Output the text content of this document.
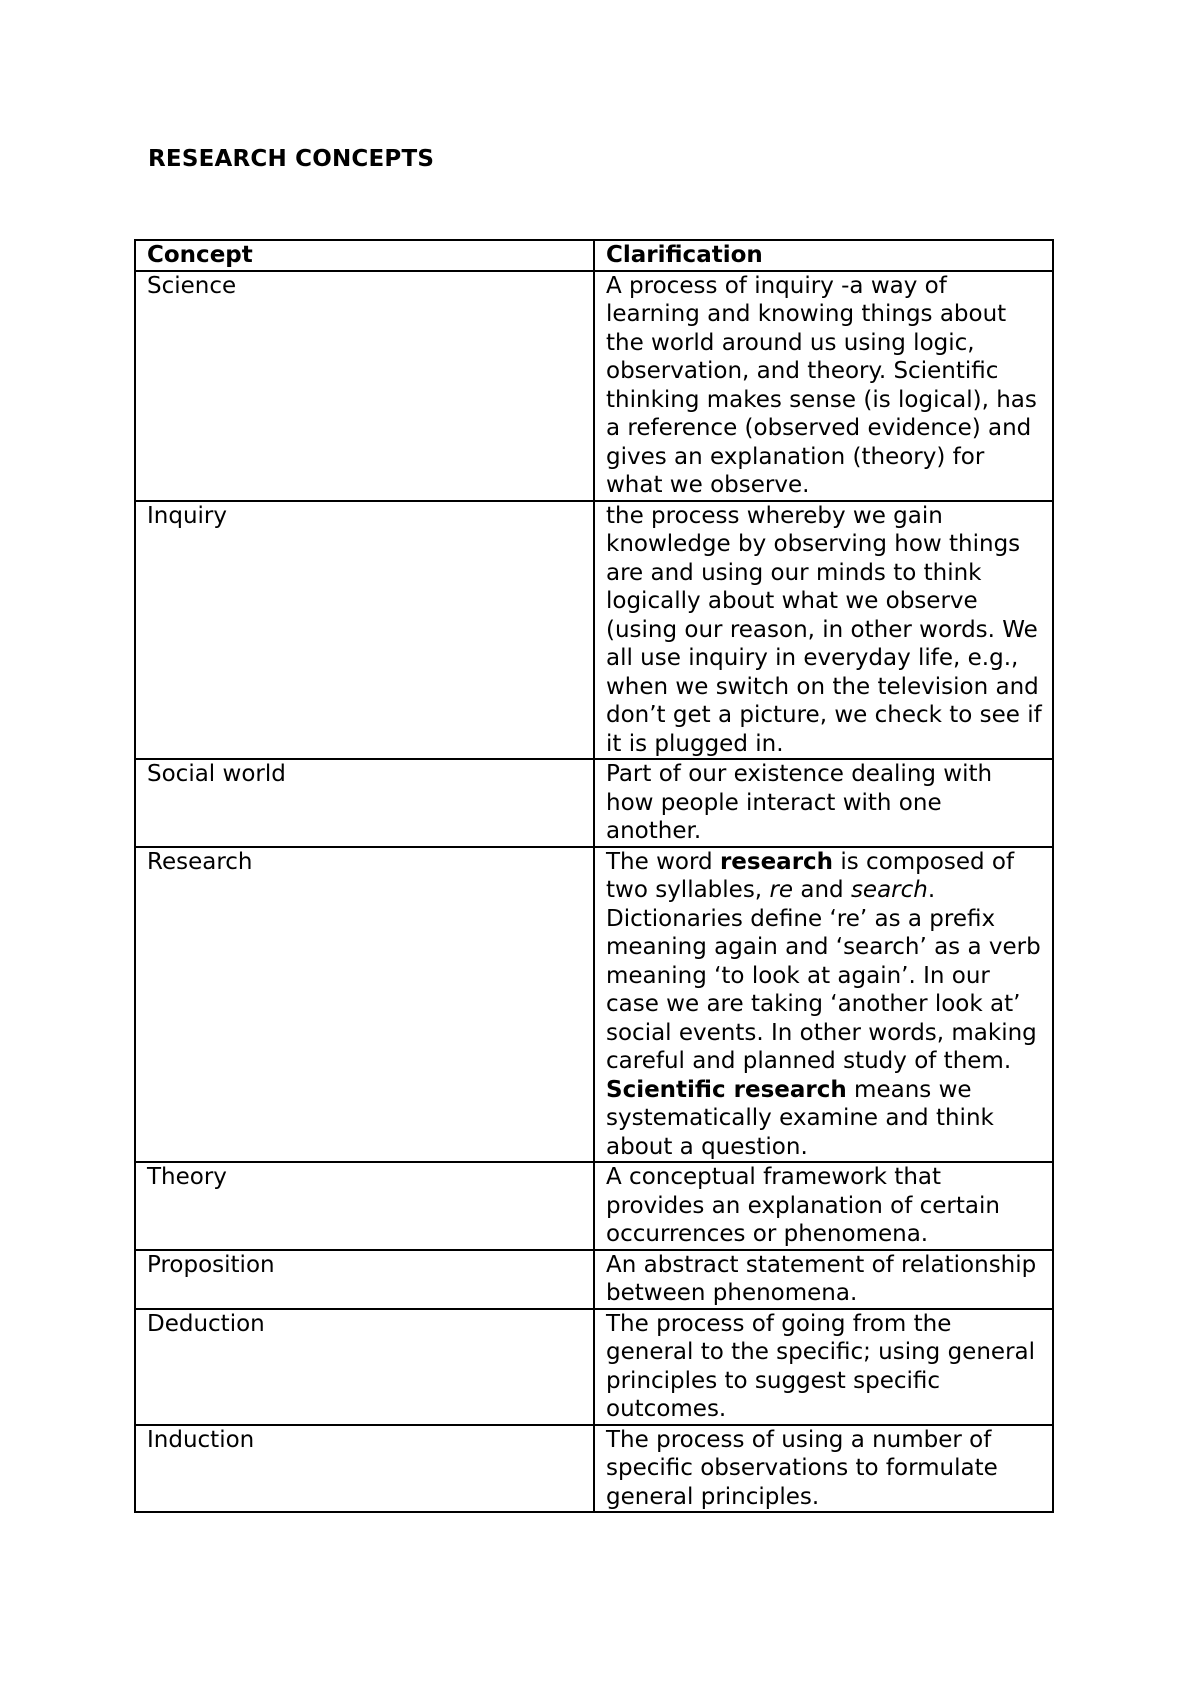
RESEARCH CONCEPTS
Concept	Clarification
Science	A process of inquiry -a way of learning and knowing things about the world around us using logic, observation, and theory. Scientific thinking makes sense (is logical), has a reference (observed evidence) and gives an explanation (theory) for what we observe.
Inquiry	the process whereby we gain knowledge by observing how things are and using our minds to think logically about what we observe (using our reason, in other words. We all use inquiry in everyday life, e.g., when we switch on the television and don’t get a picture, we check to see if it is plugged in.
Social world	Part of our existence dealing with how people interact with one another.
Research	The word research is composed of two syllables, re and search. Dictionaries define ‘re’ as a prefix meaning again and ‘search’ as a verb meaning ‘to look at again’. In our case we are taking ‘another look at’ social events. In other words, making careful and planned study of them.
Scientific research means we systematically examine and think about a question.
Theory	A conceptual framework that provides an explanation of certain occurrences or phenomena.
Proposition	An abstract statement of relationship between phenomena.
Deduction	The process of going from the general to the specific; using general principles to suggest specific outcomes.
Induction	The process of using a number of specific observations to formulate general principles.
